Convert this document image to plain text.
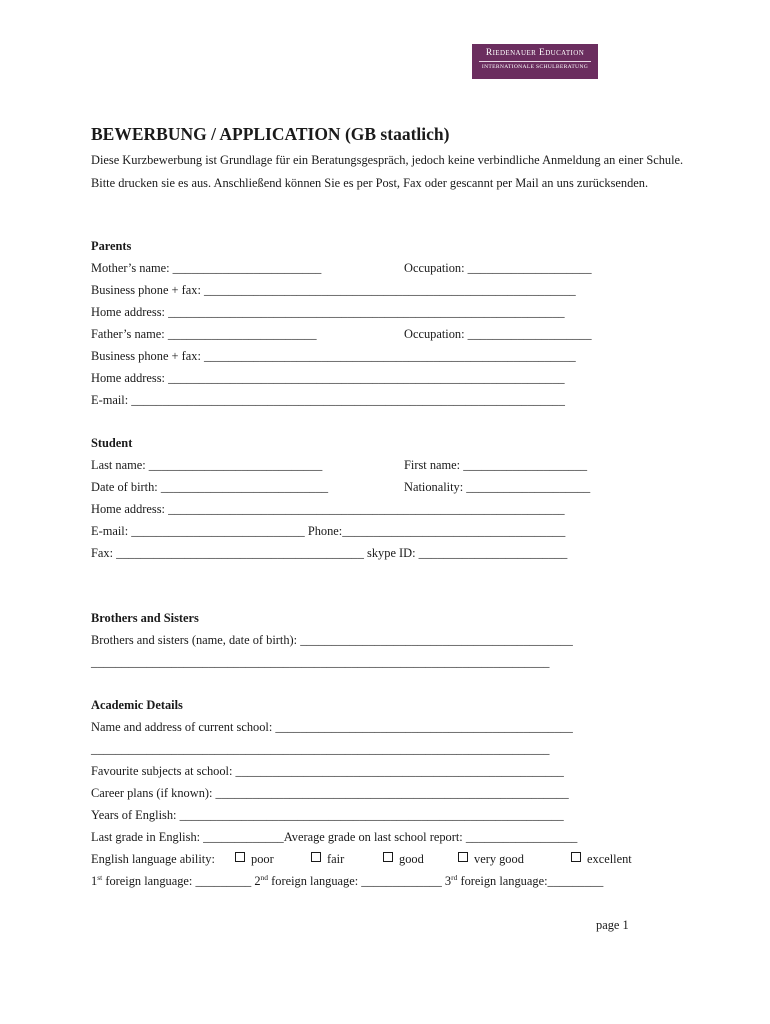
Riedenauer Education
INTERNATIONALE SCHULBERATUNG
BEWERBUNG / APPLICATION (GB staatlich)

Diese Kurzbewerbung ist Grundlage für ein Beratungsgespräch, jedoch keine verbindliche Anmeldung an einer Schule. Bitte drucken sie es aus. Anschließend können Sie es per Post, Fax oder gescannt per Mail an uns zurücksenden.

Parents
Mother’s name: ________________________	Occupation: ____________________
Business phone + fax: ____________________________________________________________
Home address: ________________________________________________________________
Father’s name: ________________________	Occupation: ____________________
Business phone + fax: ____________________________________________________________
Home address: ________________________________________________________________
E-mail: ______________________________________________________________________
Student
Last name: ____________________________	First name: ____________________
Date of birth: ___________________________	Nationality: ____________________
Home address: ________________________________________________________________
E-mail: ____________________________ Phone:____________________________________
Fax: ________________________________________ skype ID: ________________________
Brothers and Sisters
Brothers and sisters (name, date of birth): ____________________________________________
__________________________________________________________________________
Academic Details
Name and address of current school: ________________________________________________
__________________________________________________________________________
Favourite subjects at school: _____________________________________________________
Career plans (if known): _________________________________________________________
Years of English: ______________________________________________________________
Last grade in English: _____________Average grade on last school report: __________________
English language ability:	poor	fair	good	very good	excellent
1st foreign language: _________ 2nd foreign language: _____________ 3rd foreign language:_________
page 1
